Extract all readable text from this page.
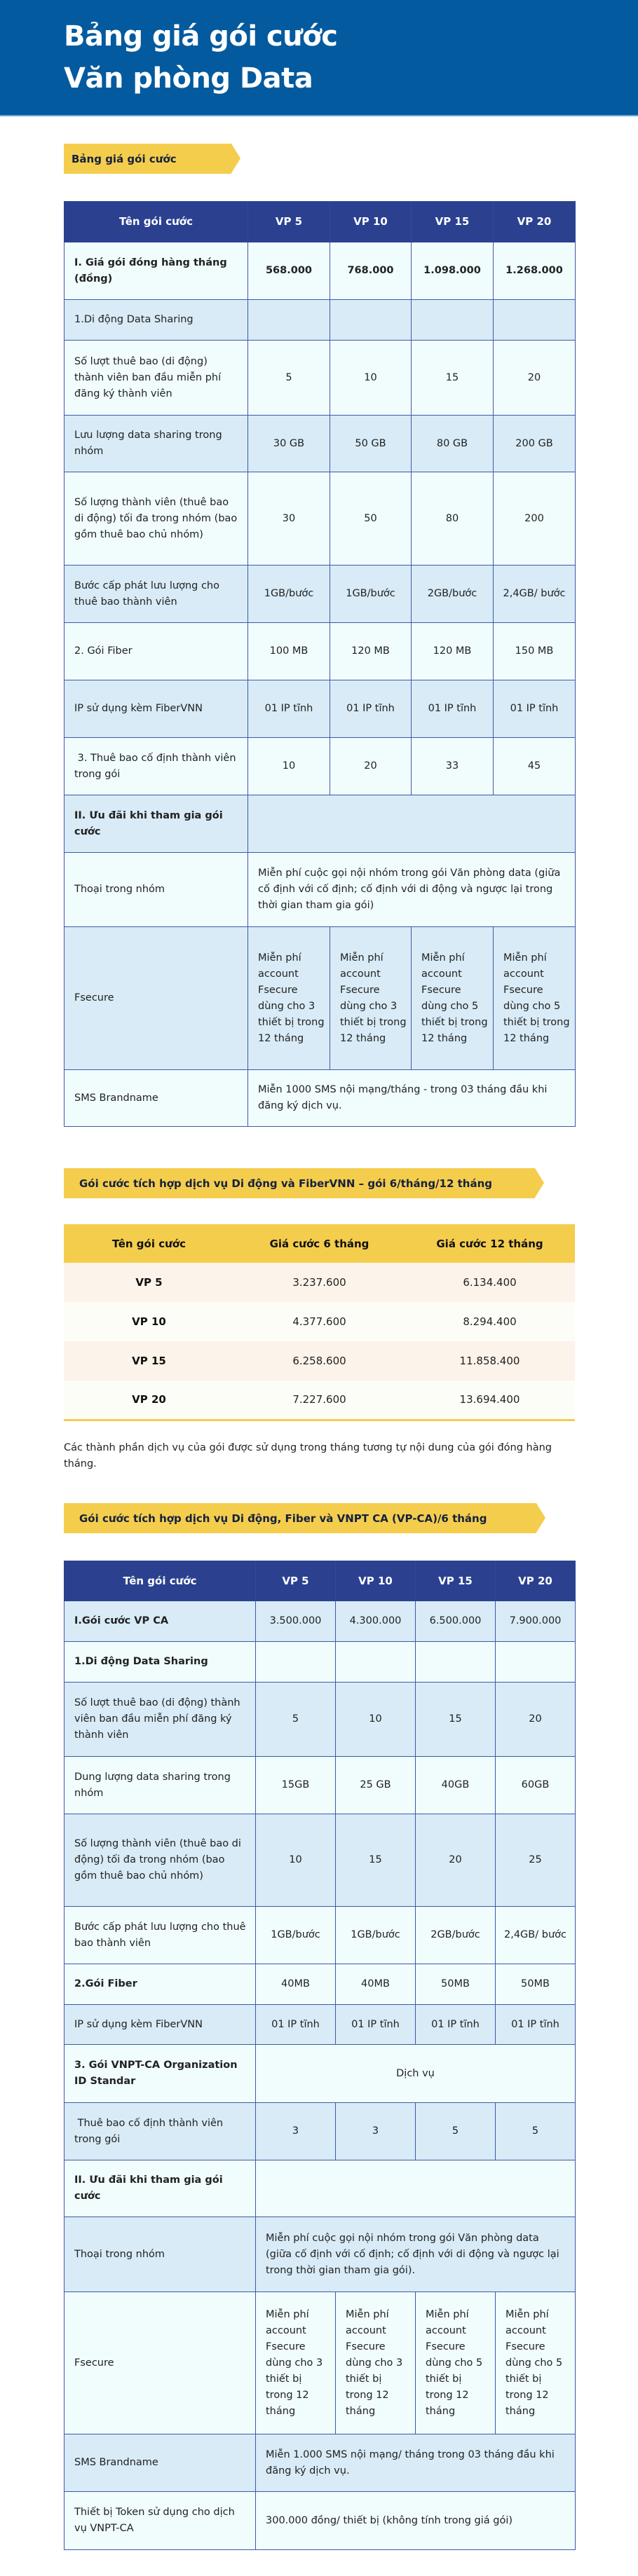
Bảng giá gói cước
Văn phòng Data
Bảng giá gói cước
Tên gói cước	VP 5	VP 10	VP 15	VP 20
I. Giá gói đóng hàng tháng (đồng)	568.000	768.000	1.098.000	1.268.000
1.Di động Data Sharing				
Số lượt thuê bao (di động) thành viên ban đầu miễn phí đăng ký thành viên	5	10	15	20
Lưu lượng data sharing trong nhóm	30 GB	50 GB	80 GB	200 GB
Số lượng thành viên (thuê bao di động) tối đa trong nhóm (bao gồm thuê bao chủ nhóm)	30	50	80	200
Bước cấp phát lưu lượng cho thuê bao thành viên	1GB/bước	1GB/bước	2GB/bước	2,4GB/ bước
2. Gói Fiber	100 MB	120 MB	120 MB	150 MB
IP sử dụng kèm FiberVNN	01 IP tĩnh	01 IP tĩnh	01 IP tĩnh	01 IP tĩnh
3. Thuê bao cố định thành viên trong gói	10	20	33	45
II. Ưu đãi khi tham gia gói cước				
Thoại trong nhóm	Miễn phí cuộc gọi nội nhóm trong gói Văn phòng data (giữa cố định với cố định; cố định với di động và ngược lại trong thời gian tham gia gói)			
Fsecure	Miễn phí account Fsecure dùng cho 3 thiết bị trong 12 tháng	Miễn phí account Fsecure dùng cho 3 thiết bị trong 12 tháng	Miễn phí account Fsecure dùng cho 5 thiết bị trong 12 tháng	Miễn phí account Fsecure dùng cho 5 thiết bị trong 12 tháng
SMS Brandname	Miễn 1000 SMS nội mạng/tháng - trong 03 tháng đầu khi đăng ký dịch vụ.			
Gói cước tích hợp dịch vụ Di động và FiberVNN – gói 6/tháng/12 tháng
Tên gói cước	Giá cước 6 tháng	Giá cước 12 tháng
VP 5	3.237.600	6.134.400
VP 10	4.377.600	8.294.400
VP 15	6.258.600	11.858.400
VP 20	7.227.600	13.694.400

Các thành phần dịch vụ của gói được sử dụng trong tháng tương tự nội dung của gói đóng hàng tháng.

Gói cước tích hợp dịch vụ Di động, Fiber và VNPT CA (VP-CA)/6 tháng
Tên gói cước	VP 5	VP 10	VP 15	VP 20
I.Gói cước VP CA	3.500.000	4.300.000	6.500.000	7.900.000
1.Di động Data Sharing				
Số lượt thuê bao (di động) thành viên ban đầu miễn phí đăng ký thành viên	5	10	15	20
Dung lượng data sharing trong nhóm	15GB	25 GB	40GB	60GB
Số lượng thành viên (thuê bao di động) tối đa trong nhóm (bao gồm thuê bao chủ nhóm)	10	15	20	25
Bước cấp phát lưu lượng cho thuê bao thành viên	1GB/bước	1GB/bước	2GB/bước	2,4GB/ bước
2.Gói Fiber	40MB	40MB	50MB	50MB
IP sử dụng kèm FiberVNN	01 IP tĩnh	01 IP tĩnh	01 IP tĩnh	01 IP tĩnh
3. Gói VNPT-CA Organization ID Standar	Dịch vụ			
Thuê bao cố định thành viên trong gói	3	3	5	5
II. Ưu đãi khi tham gia gói cước				
Thoại trong nhóm	Miễn phí cuộc gọi nội nhóm trong gói Văn phòng data (giữa cố định với cố định; cố định với di động và ngược lại trong thời gian tham gia gói).			
Fsecure	Miễn phí account Fsecure dùng cho 3 thiết bị trong 12 tháng	Miễn phí account Fsecure dùng cho 3 thiết bị trong 12 tháng	Miễn phí account Fsecure dùng cho 5 thiết bị trong 12 tháng	Miễn phí account Fsecure dùng cho 5 thiết bị trong 12 tháng
SMS Brandname	Miễn 1.000 SMS nội mạng/ tháng trong 03 tháng đầu khi đăng ký dịch vụ.			
Thiết bị Token sử dụng cho dịch vụ VNPT-CA	300.000 đồng/ thiết bị (không tính trong giá gói)			
